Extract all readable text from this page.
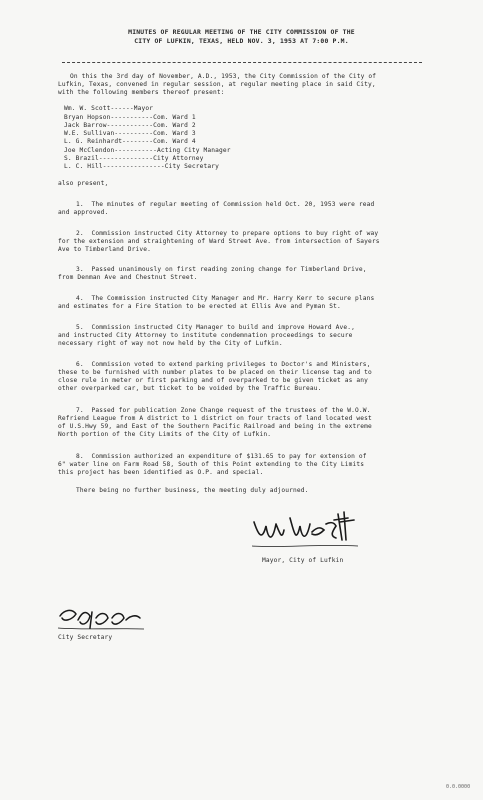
MINUTES OF REGULAR MEETING OF THE CITY COMMISSION OF THE
CITY OF LUFKIN, TEXAS, HELD NOV. 3, 1953 AT 7:00 P.M.
On this the 3rd day of November, A.D., 1953, the City Commission of the City of
Lufkin, Texas, convened in regular session, at regular meeting place in said City,
with the following members thereof present:
Wm. W. Scott------Mayor
Bryan Hopson-----------Com. Ward 1
Jack Barrow------------Com. Ward 2
W.E. Sullivan----------Com. Ward 3
L. G. Reinhardt--------Com. Ward 4
Joe McClendon-----------Acting City Manager
S. Brazil--------------City Attorney
L. C. Hill----------------City Secretary
also present,
1.  The minutes of regular meeting of Commission held Oct. 20, 1953 were read
and approved.
2.  Commission instructed City Attorney to prepare options to buy right of way
for the extension and straightening of Ward Street Ave. from intersection of Sayers
Ave to Timberland Drive.
3.  Passed unanimously on first reading zoning change for Timberland Drive,
from Denman Ave and Chestnut Street.
4.  The Commission instructed City Manager and Mr. Harry Kerr to secure plans
and estimates for a Fire Station to be erected at Ellis Ave and Pyman St.
5.  Commission instructed City Manager to build and improve Howard Ave.,
and instructed City Attorney to institute condemnation proceedings to secure
necessary right of way not now held by the City of Lufkin.
6.  Commission voted to extend parking privileges to Doctor's and Ministers,
these to be furnished with number plates to be placed on their license tag and to
close rule in meter or first parking and of overparked to be given ticket as any
other overparked car, but ticket to be voided by the Traffic Bureau.
7.  Passed for publication Zone Change request of the trustees of the W.O.W.
Refriend League from A district to 1 district on four tracts of land located west
of U.S.Hwy 59, and East of the Southern Pacific Railroad and being in the extreme
North portion of the City Limits of the City of Lufkin.
8.  Commission authorized an expenditure of $131.65 to pay for extension of
6" water line on Farm Road 58, South of this Point extending to the City Limits
this project has been identified as O.P. and special.
There being no further business, the meeting duly adjourned.
Mayor, City of Lufkin
City Secretary
0.0.0000
